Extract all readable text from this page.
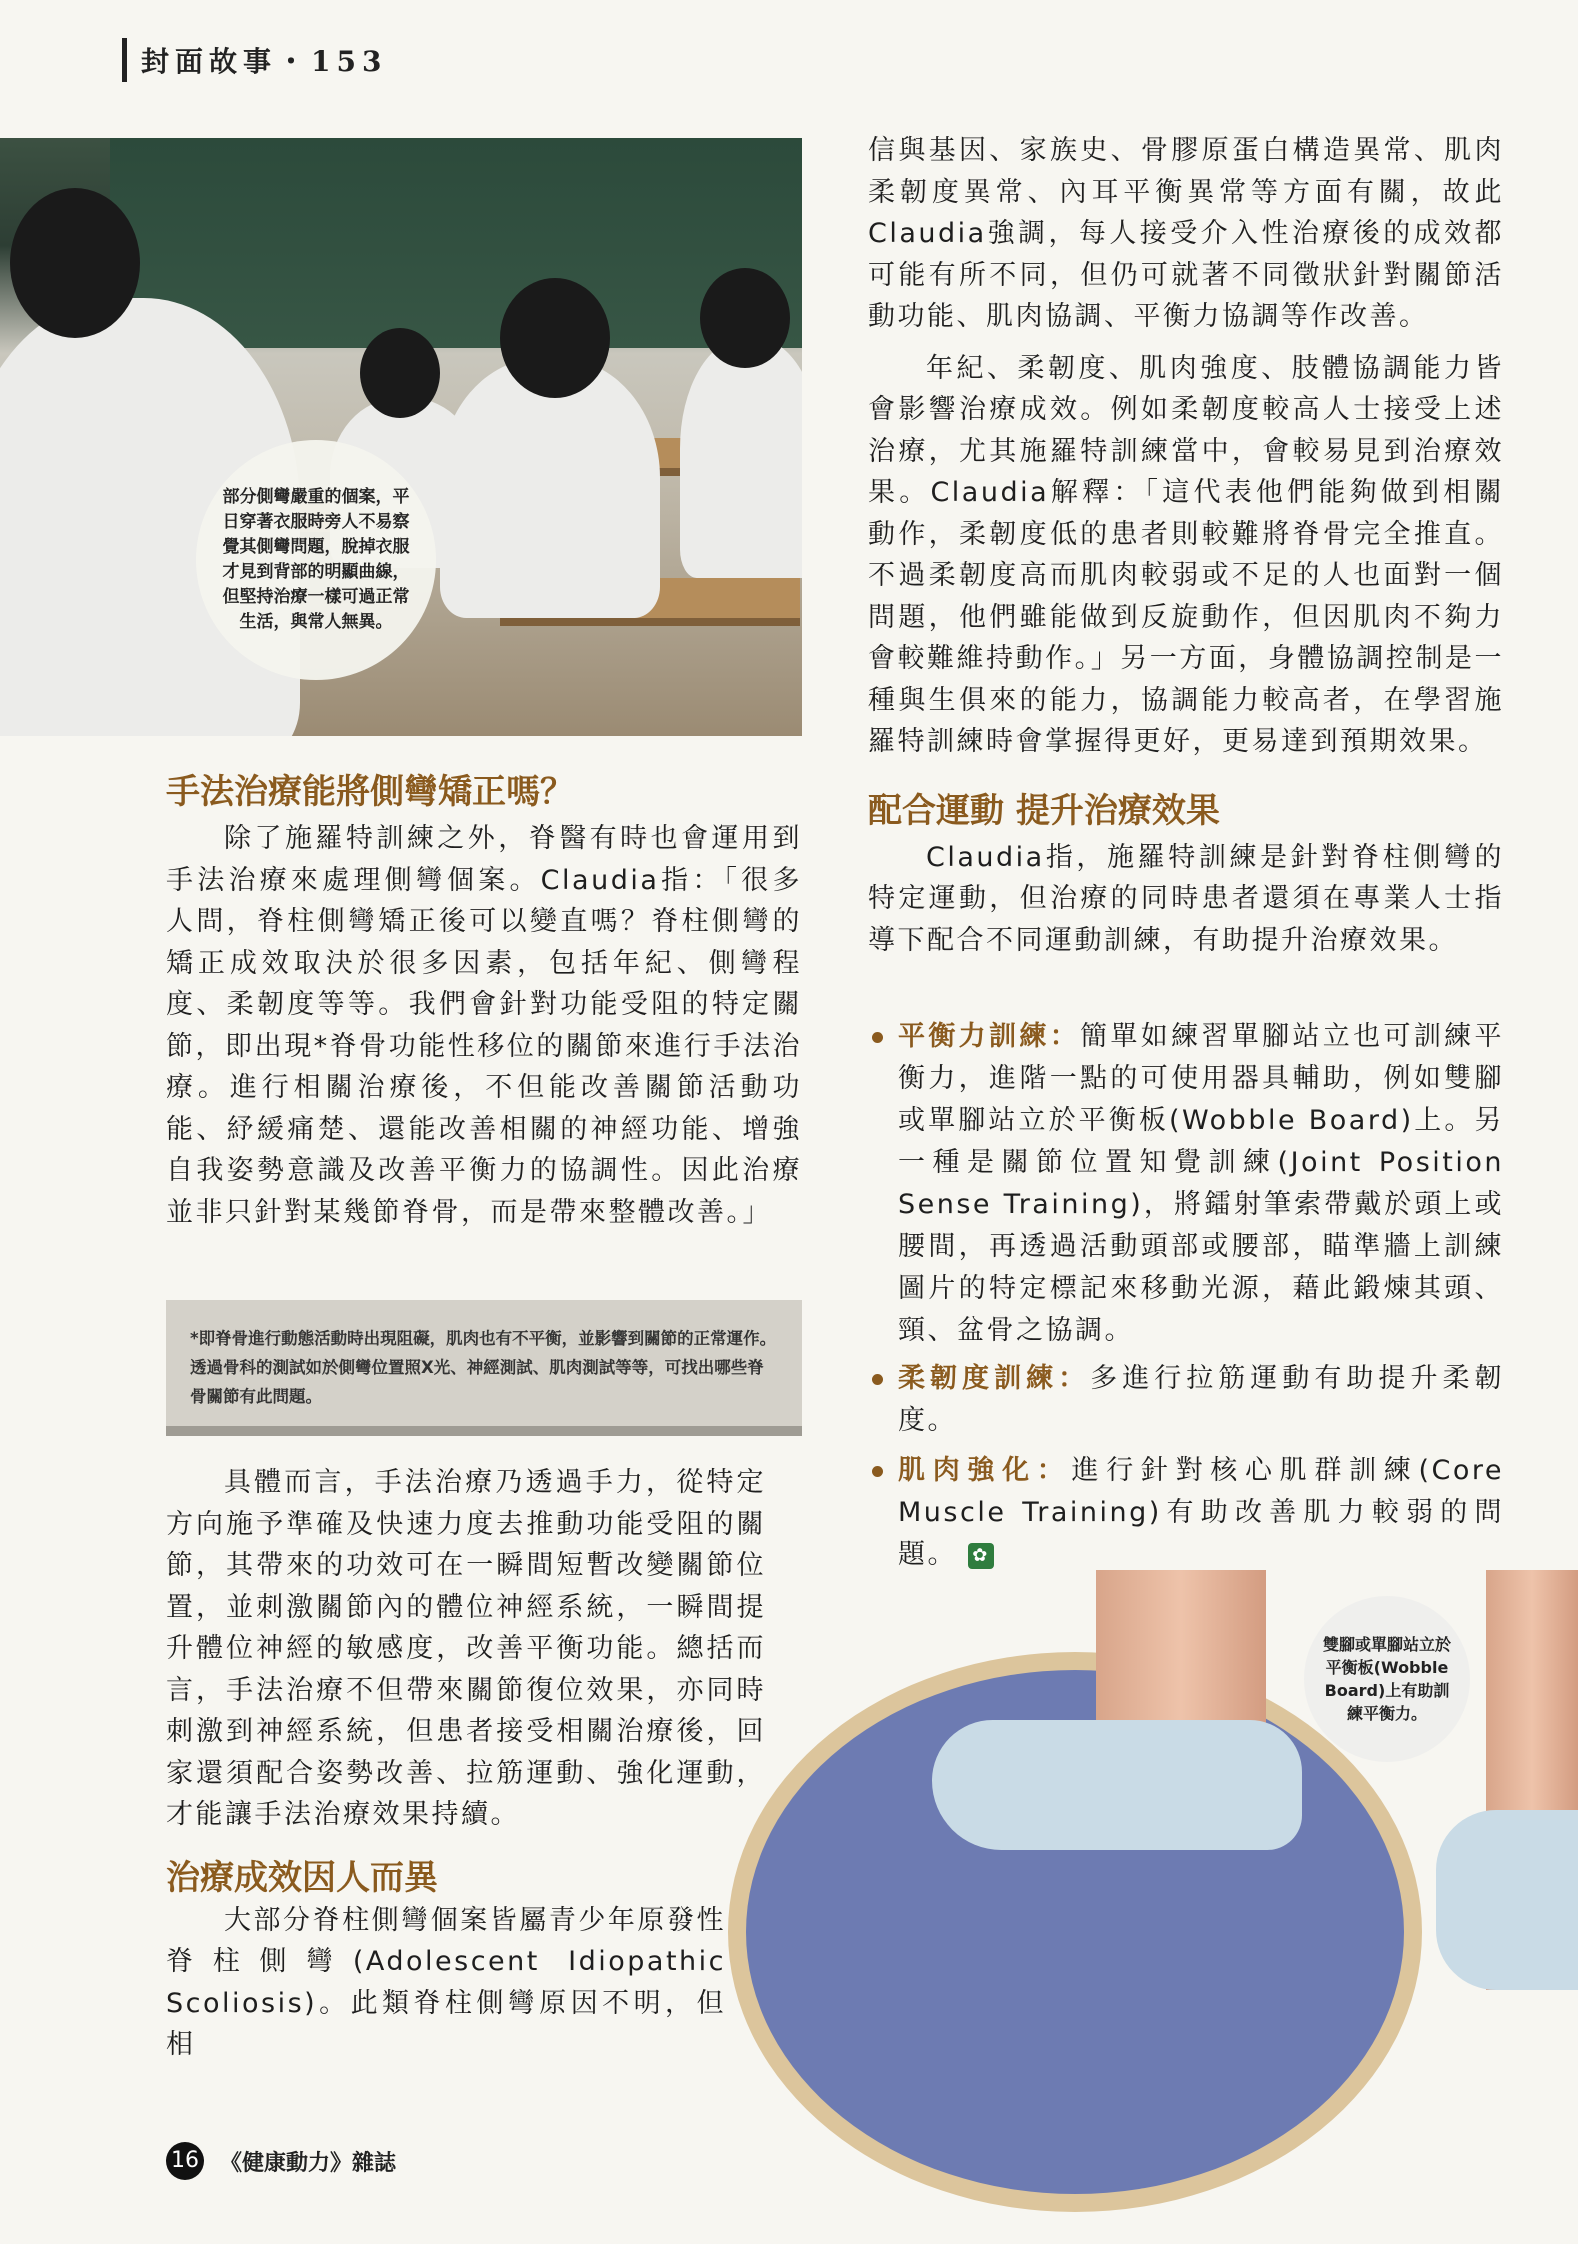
封面故事・153
部分側彎嚴重的個案，平日穿著衣服時旁人不易察覺其側彎問題，脫掉衣服才見到背部的明顯曲線，但堅持治療一樣可過正常生活，與常人無異。
手法治療能將側彎矯正嗎？

除了施羅特訓練之外，脊醫有時也會運用到手法治療來處理側彎個案。Claudia指：「很多人問，脊柱側彎矯正後可以變直嗎？脊柱側彎的矯正成效取決於很多因素，包括年紀、側彎程度、柔韌度等等。我們會針對功能受阻的特定關節，即出現*脊骨功能性移位的關節來進行手法治療。進行相關治療後，不但能改善關節活動功能、紓緩痛楚、還能改善相關的神經功能、增強自我姿勢意識及改善平衡力的協調性。因此治療並非只針對某幾節脊骨，而是帶來整體改善。」

*即脊骨進行動態活動時出現阻礙，肌肉也有不平衡，並影響到關節的正常運作。透過骨科的測試如於側彎位置照X光、神經測試、肌肉測試等等，可找出哪些脊骨關節有此問題。

具體而言，手法治療乃透過手力，從特定方向施予準確及快速力度去推動功能受阻的關節，其帶來的功效可在一瞬間短暫改變關節位置，並刺激關節內的體位神經系統，一瞬間提升體位神經的敏感度，改善平衡功能。總括而言，手法治療不但帶來關節復位效果，亦同時刺激到神經系統，但患者接受相關治療後，回家還須配合姿勢改善、拉筋運動、強化運動，才能讓手法治療效果持續。

治療成效因人而異

大部分脊柱側彎個案皆屬青少年原發性脊柱側彎(Adolescent Idiopathic Scoliosis)。此類脊柱側彎原因不明，但相

信與基因、家族史、骨膠原蛋白構造異常、肌肉柔韌度異常、內耳平衡異常等方面有關，故此Claudia強調，每人接受介入性治療後的成效都可能有所不同，但仍可就著不同徵狀針對關節活動功能、肌肉協調、平衡力協調等作改善。

年紀、柔韌度、肌肉強度、肢體協調能力皆會影響治療成效。例如柔韌度較高人士接受上述治療，尤其施羅特訓練當中，會較易見到治療效果。Claudia解釋：「這代表他們能夠做到相關動作，柔韌度低的患者則較難將脊骨完全推直。不過柔韌度高而肌肉較弱或不足的人也面對一個問題，他們雖能做到反旋動作，但因肌肉不夠力會較難維持動作。」另一方面，身體協調控制是一種與生俱來的能力，協調能力較高者，在學習施羅特訓練時會掌握得更好，更易達到預期效果。

配合運動 提升治療效果

Claudia指，施羅特訓練是針對脊柱側彎的特定運動，但治療的同時患者還須在專業人士指導下配合不同運動訓練，有助提升治療效果。

平衡力訓練：簡單如練習單腳站立也可訓練平衡力，進階一點的可使用器具輔助，例如雙腳或單腳站立於平衡板(Wobble Board)上。另一種是關節位置知覺訓練(Joint Position Sense Training)，將鐳射筆索帶戴於頭上或腰間，再透過活動頭部或腰部，瞄準牆上訓練圖片的特定標記來移動光源，藉此鍛煉其頭、頸、盆骨之協調。
柔韌度訓練：多進行拉筋運動有助提升柔韌度。
肌肉強化：進行針對核心肌群訓練(Core Muscle Training)有助改善肌力較弱的問題。 ✿
雙腳或單腳站立於平衡板(Wobble Board)上有助訓練平衡力。
16 《健康動力》雜誌
